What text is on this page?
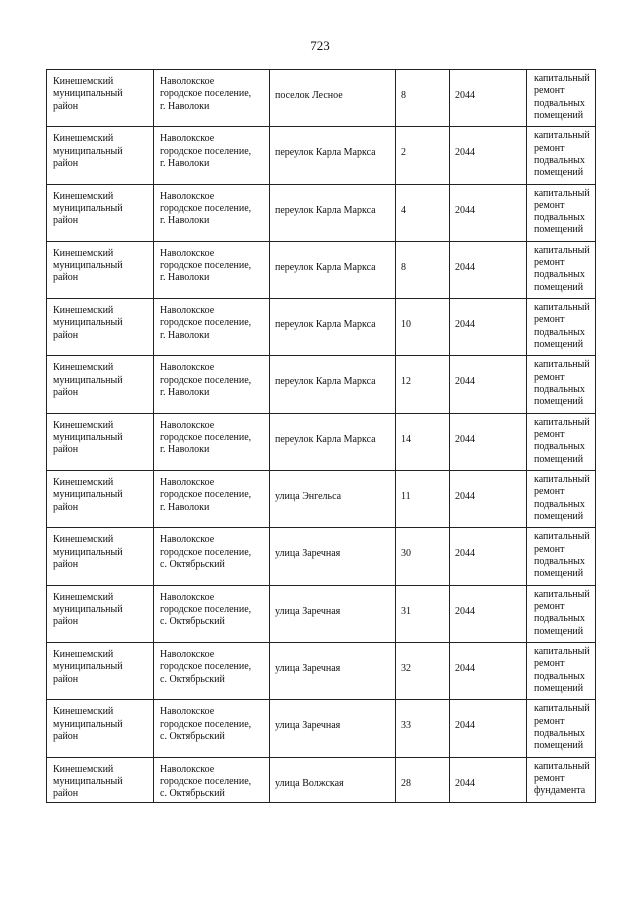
723
Кинешемский
муниципальный
район	Наволокское
городское поселение,
г. Наволоки	поселок Лесное	8	2044	капитальный
ремонт
подвальных
помещений

Кинешемский
муниципальный
район	Наволокское
городское поселение,
г. Наволоки	переулок Карла Маркса	2	2044	капитальный
ремонт
подвальных
помещений

Кинешемский
муниципальный
район	Наволокское
городское поселение,
г. Наволоки	переулок Карла Маркса	4	2044	капитальный
ремонт
подвальных
помещений

Кинешемский
муниципальный
район	Наволокское
городское поселение,
г. Наволоки	переулок Карла Маркса	8	2044	капитальный
ремонт
подвальных
помещений

Кинешемский
муниципальный
район	Наволокское
городское поселение,
г. Наволоки	переулок Карла Маркса	10	2044	капитальный
ремонт
подвальных
помещений

Кинешемский
муниципальный
район	Наволокское
городское поселение,
г. Наволоки	переулок Карла Маркса	12	2044	капитальный
ремонт
подвальных
помещений

Кинешемский
муниципальный
район	Наволокское
городское поселение,
г. Наволоки	переулок Карла Маркса	14	2044	капитальный
ремонт
подвальных
помещений

Кинешемский
муниципальный
район	Наволокское
городское поселение,
г. Наволоки	улица Энгельса	11	2044	капитальный
ремонт
подвальных
помещений

Кинешемский
муниципальный
район	Наволокское
городское поселение,
с. Октябрьский	улица Заречная	30	2044	капитальный
ремонт
подвальных
помещений

Кинешемский
муниципальный
район	Наволокское
городское поселение,
с. Октябрьский	улица Заречная	31	2044	капитальный
ремонт
подвальных
помещений

Кинешемский
муниципальный
район	Наволокское
городское поселение,
с. Октябрьский	улица Заречная	32	2044	капитальный
ремонт
подвальных
помещений

Кинешемский
муниципальный
район	Наволокское
городское поселение,
с. Октябрьский	улица Заречная	33	2044	капитальный
ремонт
подвальных
помещений

Кинешемский
муниципальный
район	Наволокское
городское поселение,
с. Октябрьский	улица Волжская	28	2044	капитальный
ремонт
фундамента
